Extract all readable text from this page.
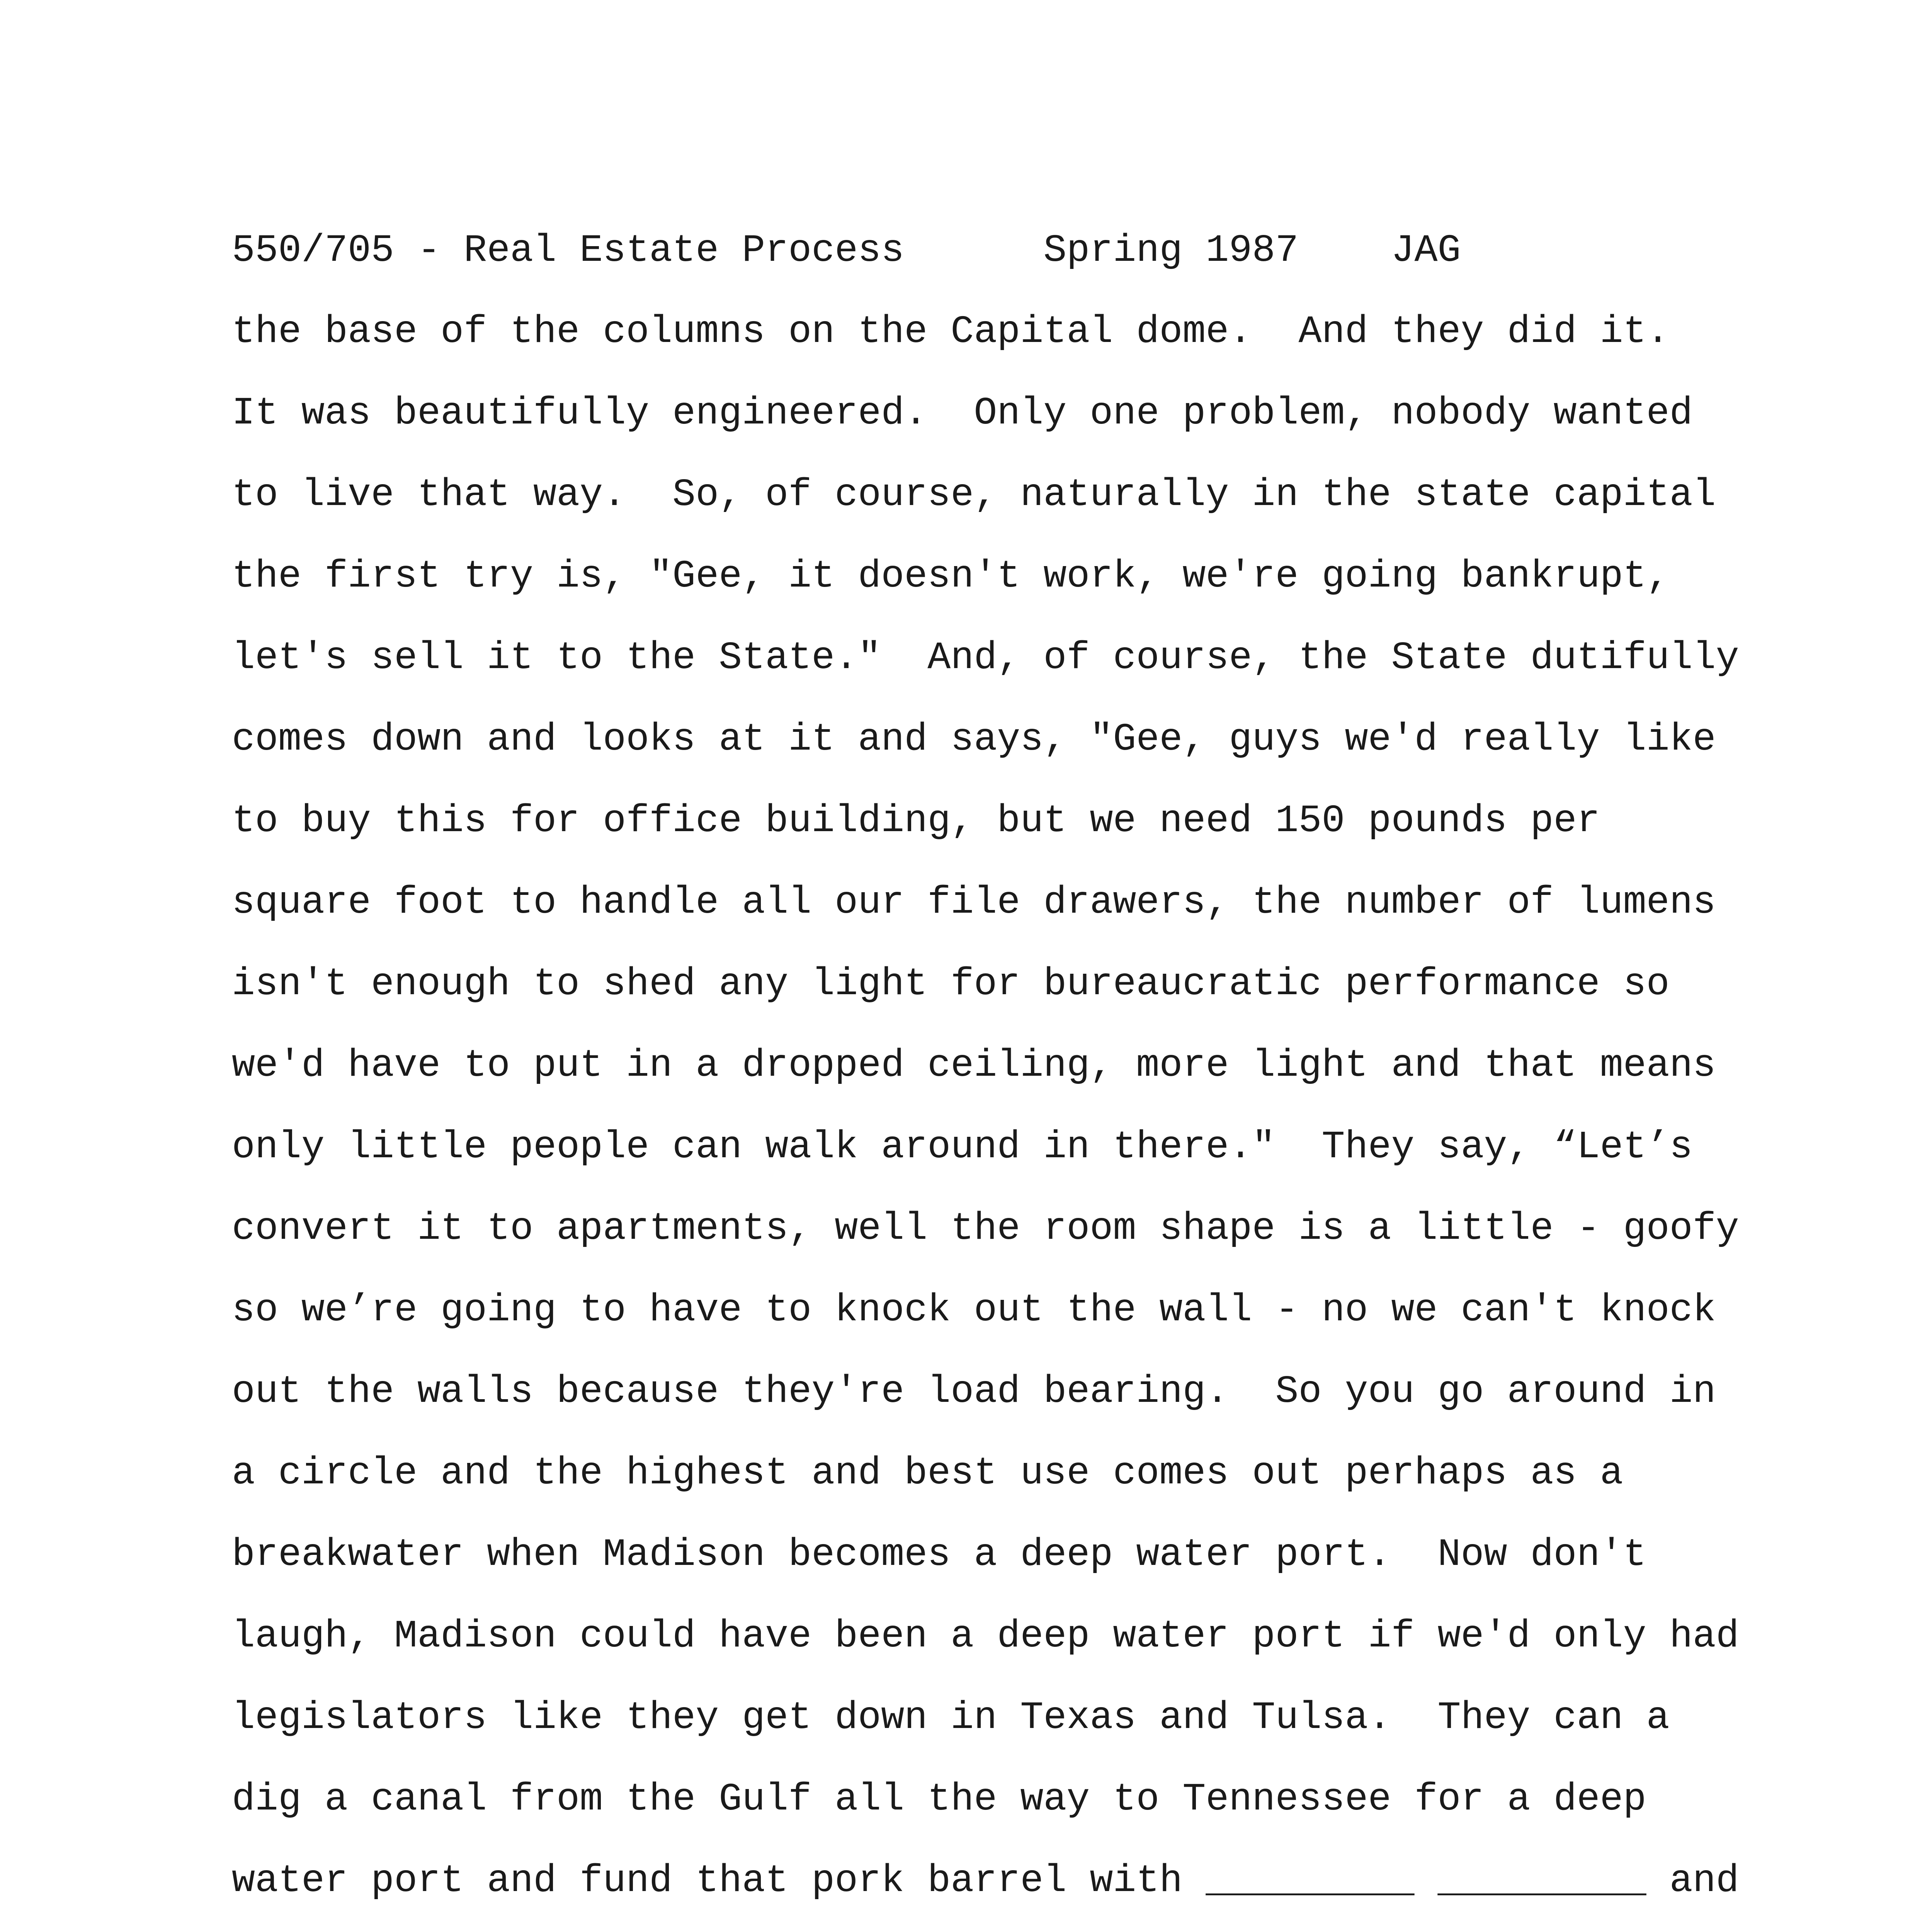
550/705 - Real Estate Process      Spring 1987    JAG
the base of the columns on the Capital dome.  And they did it.
It was beautifully engineered.  Only one problem, nobody wanted
to live that way.  So, of course, naturally in the state capital
the first try is, "Gee, it doesn't work, we're going bankrupt,
let's sell it to the State."  And, of course, the State dutifully
comes down and looks at it and says, "Gee, guys we'd really like
to buy this for office building, but we need 150 pounds per
square foot to handle all our file drawers, the number of lumens
isn't enough to shed any light for bureaucratic performance so
we'd have to put in a dropped ceiling, more light and that means
only little people can walk around in there."  They say, “Let’s
convert it to apartments, well the room shape is a little - goofy
so we’re going to have to knock out the wall - no we can't knock
out the walls because they're load bearing.  So you go around in
a circle and the highest and best use comes out perhaps as a
breakwater when Madison becomes a deep water port.  Now don't
laugh, Madison could have been a deep water port if we'd only had
legislators like they get down in Texas and Tulsa.  They can a
dig a canal from the Gulf all the way to Tennessee for a deep
water port and fund that pork barrel with _________ _________ and
